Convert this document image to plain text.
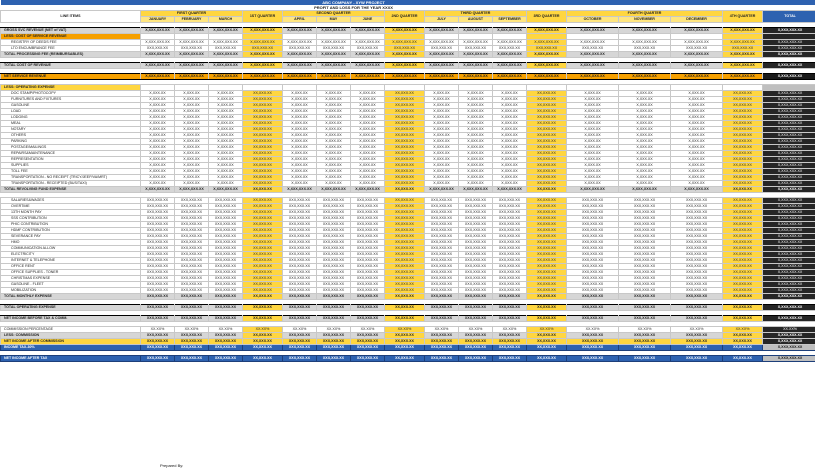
	ABC COMPANY - XYW PROJECT																
	PROFIT AND LOSS FOR THE YEAR XXXX																
LINE ITEMS	FIRST QUARTER			1ST QUARTER	SECOND QUARTER			2ND QUARTER	THIRD QUARTER			3RD QUARTER	FOURTH QUARTER			4TH QUARTER	TOTAL
	JANUARY	FEBRUARY	MARCH		APRIL	MAY	JUNE		JULY	AUGUST	SEPTEMBER		OCTOBER	NOVEMBER	DECEMBER		

GROSS SVC REVENUE (NET of VAT)	X,XXX,XXX.XX	X,XXX,XXX.XX	X,XXX,XXX.XX	X,XXX,XXX.XX	X,XXX,XXX.XX	X,XXX,XXX.XX	X,XXX,XXX.XX	X,XXX,XXX.XX	X,XXX,XXX.XX	X,XXX,XXX.XX	X,XXX,XXX.XX	X,XXX,XXX.XX	X,XXX,XXX.XX	X,XXX,XXX.XX	X,XXX,XXX.XX	X,XXX,XXX.XX	X,XXX,XXX.XX
LESS: COST OF SERVICE REVENUE																	
REGISTRY OF DEEDS FEE	X,XXX,XXX.XX	X,XXX,XXX.XX	X,XXX,XXX.XX	X,XXX,XXX.XX	X,XXX,XXX.XX	X,XXX,XXX.XX	X,XXX,XXX.XX	X,XXX,XXX.XX	X,XXX,XXX.XX	X,XXX,XXX.XX	X,XXX,XXX.XX	X,XXX,XXX.XX	X,XXX,XXX.XX	X,XXX,XXX.XX	X,XXX,XXX.XX	X,XXX,XXX.XX	X,XXX,XXX.XX
LTO ENCUMBRANCE FEE	XXX,XXX.XX	XXX,XXX.XX	XXX,XXX.XX	XXX,XXX.XX	XXX,XXX.XX	XXX,XXX.XX	XXX,XXX.XX	XXX,XXX.XX	XXX,XXX.XX	XXX,XXX.XX	XXX,XXX.XX	XXX,XXX.XX	XXX,XXX.XX	XXX,XXX.XX	XXX,XXX.XX	XXX,XXX.XX	X,XXX,XXX.XX
TOTAL PROCESSING FEE (REIMBURSABLES)	X,XXX,XXX.XX	X,XXX,XXX.XX	X,XXX,XXX.XX	X,XXX,XXX.XX	X,XXX,XXX.XX	X,XXX,XXX.XX	X,XXX,XXX.XX	X,XXX,XXX.XX	X,XXX,XXX.XX	X,XXX,XXX.XX	X,XXX,XXX.XX	X,XXX,XXX.XX	X,XXX,XXX.XX	X,XXX,XXX.XX	X,XXX,XXX.XX	X,XXX,XXX.XX	X,XXX,XXX.XX

TOTAL COST OF REVENUE	X,XXX,XXX.XX	X,XXX,XXX.XX	X,XXX,XXX.XX	X,XXX,XXX.XX	X,XXX,XXX.XX	X,XXX,XXX.XX	X,XXX,XXX.XX	X,XXX,XXX.XX	X,XXX,XXX.XX	X,XXX,XXX.XX	X,XXX,XXX.XX	X,XXX,XXX.XX	X,XXX,XXX.XX	X,XXX,XXX.XX	X,XXX,XXX.XX	X,XXX,XXX.XX	X,XXX,XXX.XX

NET SERVICE REVENUE	X,XXX,XXX.XX	X,XXX,XXX.XX	X,XXX,XXX.XX	X,XXX,XXX.XX	X,XXX,XXX.XX	X,XXX,XXX.XX	X,XXX,XXX.XX	X,XXX,XXX.XX	X,XXX,XXX.XX	X,XXX,XXX.XX	X,XXX,XXX.XX	X,XXX,XXX.XX	X,XXX,XXX.XX	X,XXX,XXX.XX	X,XXX,XXX.XX	X,XXX,XXX.XX	X,XXX,XXX.XX

LESS: OPERATING EXPENSE																	
DOC STAMP/PHOTOCOPY	X,XXX.XX	X,XXX.XX	X,XXX.XX	XX,XXX.XX	X,XXX.XX	X,XXX.XX	X,XXX.XX	XX,XXX.XX	X,XXX.XX	X,XXX.XX	X,XXX.XX	XX,XXX.XX	X,XXX.XX	X,XXX.XX	X,XXX.XX	XX,XXX.XX	X,XXX,XXX.XX
FURNITURES AND FIXTURES	X,XXX.XX	X,XXX.XX	X,XXX.XX	XX,XXX.XX	X,XXX.XX	X,XXX.XX	X,XXX.XX	XX,XXX.XX	X,XXX.XX	X,XXX.XX	X,XXX.XX	XX,XXX.XX	X,XXX.XX	X,XXX.XX	X,XXX.XX	XX,XXX.XX	X,XXX,XXX.XX
GASOLINE	X,XXX.XX	X,XXX.XX	X,XXX.XX	XX,XXX.XX	X,XXX.XX	X,XXX.XX	X,XXX.XX	XX,XXX.XX	X,XXX.XX	X,XXX.XX	X,XXX.XX	XX,XXX.XX	X,XXX.XX	X,XXX.XX	X,XXX.XX	XX,XXX.XX	X,XXX,XXX.XX
LOAD	X,XXX.XX	X,XXX.XX	X,XXX.XX	XX,XXX.XX	X,XXX.XX	X,XXX.XX	X,XXX.XX	XX,XXX.XX	X,XXX.XX	X,XXX.XX	X,XXX.XX	XX,XXX.XX	X,XXX.XX	X,XXX.XX	X,XXX.XX	XX,XXX.XX	X,XXX,XXX.XX
LODGING	X,XXX.XX	X,XXX.XX	X,XXX.XX	XX,XXX.XX	X,XXX.XX	X,XXX.XX	X,XXX.XX	XX,XXX.XX	X,XXX.XX	X,XXX.XX	X,XXX.XX	XX,XXX.XX	X,XXX.XX	X,XXX.XX	X,XXX.XX	XX,XXX.XX	X,XXX,XXX.XX
MEAL	X,XXX.XX	X,XXX.XX	X,XXX.XX	XX,XXX.XX	X,XXX.XX	X,XXX.XX	X,XXX.XX	XX,XXX.XX	X,XXX.XX	X,XXX.XX	X,XXX.XX	XX,XXX.XX	X,XXX.XX	X,XXX.XX	X,XXX.XX	XX,XXX.XX	X,XXX,XXX.XX
NOTARY	X,XXX.XX	X,XXX.XX	X,XXX.XX	XX,XXX.XX	X,XXX.XX	X,XXX.XX	X,XXX.XX	XX,XXX.XX	X,XXX.XX	X,XXX.XX	X,XXX.XX	XX,XXX.XX	X,XXX.XX	X,XXX.XX	X,XXX.XX	XX,XXX.XX	X,XXX,XXX.XX
OTHERS	X,XXX.XX	X,XXX.XX	X,XXX.XX	XX,XXX.XX	X,XXX.XX	X,XXX.XX	X,XXX.XX	XX,XXX.XX	X,XXX.XX	X,XXX.XX	X,XXX.XX	XX,XXX.XX	X,XXX.XX	X,XXX.XX	X,XXX.XX	XX,XXX.XX	X,XXX,XXX.XX
PARKING	X,XXX.XX	X,XXX.XX	X,XXX.XX	XX,XXX.XX	X,XXX.XX	X,XXX.XX	X,XXX.XX	XX,XXX.XX	X,XXX.XX	X,XXX.XX	X,XXX.XX	XX,XXX.XX	X,XXX.XX	X,XXX.XX	X,XXX.XX	XX,XXX.XX	X,XXX,XXX.XX
POSTAGE/MAILINGS	X,XXX.XX	X,XXX.XX	X,XXX.XX	XX,XXX.XX	X,XXX.XX	X,XXX.XX	X,XXX.XX	XX,XXX.XX	X,XXX.XX	X,XXX.XX	X,XXX.XX	XX,XXX.XX	X,XXX.XX	X,XXX.XX	X,XXX.XX	XX,XXX.XX	X,XXX,XXX.XX
REPAIRS&MAINTENANCE	X,XXX.XX	X,XXX.XX	X,XXX.XX	XX,XXX.XX	X,XXX.XX	X,XXX.XX	X,XXX.XX	XX,XXX.XX	X,XXX.XX	X,XXX.XX	X,XXX.XX	XX,XXX.XX	X,XXX.XX	X,XXX.XX	X,XXX.XX	XX,XXX.XX	X,XXX,XXX.XX
REPRESENTATION	X,XXX.XX	X,XXX.XX	X,XXX.XX	XX,XXX.XX	X,XXX.XX	X,XXX.XX	X,XXX.XX	XX,XXX.XX	X,XXX.XX	X,XXX.XX	X,XXX.XX	XX,XXX.XX	X,XXX.XX	X,XXX.XX	X,XXX.XX	XX,XXX.XX	X,XXX,XXX.XX
SUPPLIES	X,XXX.XX	X,XXX.XX	X,XXX.XX	XX,XXX.XX	X,XXX.XX	X,XXX.XX	X,XXX.XX	XX,XXX.XX	X,XXX.XX	X,XXX.XX	X,XXX.XX	XX,XXX.XX	X,XXX.XX	X,XXX.XX	X,XXX.XX	XX,XXX.XX	X,XXX,XXX.XX
TOLL FEE	X,XXX.XX	X,XXX.XX	X,XXX.XX	XX,XXX.XX	X,XXX.XX	X,XXX.XX	X,XXX.XX	XX,XXX.XX	X,XXX.XX	X,XXX.XX	X,XXX.XX	XX,XXX.XX	X,XXX.XX	X,XXX.XX	X,XXX.XX	XX,XXX.XX	X,XXX,XXX.XX
TRANSPORTATION - NO RECEIPT (TRICY/JEEP/VA/MRT)	X,XXX.XX	X,XXX.XX	X,XXX.XX	XX,XXX.XX	X,XXX.XX	X,XXX.XX	X,XXX.XX	XX,XXX.XX	X,XXX.XX	X,XXX.XX	X,XXX.XX	XX,XXX.XX	X,XXX.XX	X,XXX.XX	X,XXX.XX	XX,XXX.XX	X,XXX,XXX.XX
TRANSPORTATION - RECEIPTED (BUS/TAXI)	X,XXX.XX	X,XXX.XX	X,XXX.XX	XX,XXX.XX	X,XXX.XX	X,XXX.XX	X,XXX.XX	XX,XXX.XX	X,XXX.XX	X,XXX.XX	X,XXX.XX	XX,XXX.XX	X,XXX.XX	X,XXX.XX	X,XXX.XX	XX,XXX.XX	X,XXX,XXX.XX
TOTAL REVOLVING FUND EXPENSE	X,XXX,XXX.XX	X,XXX,XXX.XX	X,XXX,XXX.XX	XX,XXX.XX	X,XXX,XXX.XX	X,XXX,XXX.XX	X,XXX,XXX.XX	XX,XXX.XX	X,XXX,XXX.XX	X,XXX,XXX.XX	X,XXX,XXX.XX	XX,XXX.XX	X,XXX,XXX.XX	X,XXX,XXX.XX	X,XXX,XXX.XX	XX,XXX.XX	X,XXX,XXX.XX

SALARIES&WAGES	XXX,XXX.XX	XXX,XXX.XX	XXX,XXX.XX	XX,XXX.XX	XXX,XXX.XX	XXX,XXX.XX	XXX,XXX.XX	XX,XXX.XX	XXX,XXX.XX	XXX,XXX.XX	XXX,XXX.XX	XX,XXX.XX	XXX,XXX.XX	XXX,XXX.XX	XXX,XXX.XX	XX,XXX.XX	X,XXX,XXX.XX
OVERTIME	XXX,XXX.XX	XXX,XXX.XX	XXX,XXX.XX	XX,XXX.XX	XXX,XXX.XX	XXX,XXX.XX	XXX,XXX.XX	XX,XXX.XX	XXX,XXX.XX	XXX,XXX.XX	XXX,XXX.XX	XX,XXX.XX	XXX,XXX.XX	XXX,XXX.XX	XXX,XXX.XX	XX,XXX.XX	X,XXX,XXX.XX
13TH MONTH PAY	XXX,XXX.XX	XXX,XXX.XX	XXX,XXX.XX	XX,XXX.XX	XXX,XXX.XX	XXX,XXX.XX	XXX,XXX.XX	XX,XXX.XX	XXX,XXX.XX	XXX,XXX.XX	XXX,XXX.XX	XX,XXX.XX	XXX,XXX.XX	XXX,XXX.XX	XXX,XXX.XX	XX,XXX.XX	X,XXX,XXX.XX
SSS CONTRIBUTION	XXX,XXX.XX	XXX,XXX.XX	XXX,XXX.XX	XX,XXX.XX	XXX,XXX.XX	XXX,XXX.XX	XXX,XXX.XX	XX,XXX.XX	XXX,XXX.XX	XXX,XXX.XX	XXX,XXX.XX	XX,XXX.XX	XXX,XXX.XX	XXX,XXX.XX	XXX,XXX.XX	XX,XXX.XX	X,XXX,XXX.XX
PHIC CONTRIBUTION	XXX,XXX.XX	XXX,XXX.XX	XXX,XXX.XX	XX,XXX.XX	XXX,XXX.XX	XXX,XXX.XX	XXX,XXX.XX	XX,XXX.XX	XXX,XXX.XX	XXX,XXX.XX	XXX,XXX.XX	XX,XXX.XX	XXX,XXX.XX	XXX,XXX.XX	XXX,XXX.XX	XX,XXX.XX	X,XXX,XXX.XX
HDMF CONTRIBUTION	XXX,XXX.XX	XXX,XXX.XX	XXX,XXX.XX	XX,XXX.XX	XXX,XXX.XX	XXX,XXX.XX	XXX,XXX.XX	XX,XXX.XX	XXX,XXX.XX	XXX,XXX.XX	XXX,XXX.XX	XX,XXX.XX	XXX,XXX.XX	XXX,XXX.XX	XXX,XXX.XX	XX,XXX.XX	X,XXX,XXX.XX
SEVERANCE PAY	XXX,XXX.XX	XXX,XXX.XX	XXX,XXX.XX	XX,XXX.XX	XXX,XXX.XX	XXX,XXX.XX	XXX,XXX.XX	XX,XXX.XX	XXX,XXX.XX	XXX,XXX.XX	XXX,XXX.XX	XX,XXX.XX	XXX,XXX.XX	XXX,XXX.XX	XXX,XXX.XX	XX,XXX.XX	X,XXX,XXX.XX
HMO	XXX,XXX.XX	XXX,XXX.XX	XXX,XXX.XX	XX,XXX.XX	XXX,XXX.XX	XXX,XXX.XX	XXX,XXX.XX	XX,XXX.XX	XXX,XXX.XX	XXX,XXX.XX	XXX,XXX.XX	XX,XXX.XX	XXX,XXX.XX	XXX,XXX.XX	XXX,XXX.XX	XX,XXX.XX	X,XXX,XXX.XX
COMMUNICATION ALLOW	XXX,XXX.XX	XXX,XXX.XX	XXX,XXX.XX	XX,XXX.XX	XXX,XXX.XX	XXX,XXX.XX	XXX,XXX.XX	XX,XXX.XX	XXX,XXX.XX	XXX,XXX.XX	XXX,XXX.XX	XX,XXX.XX	XXX,XXX.XX	XXX,XXX.XX	XXX,XXX.XX	XX,XXX.XX	X,XXX,XXX.XX
ELECTRICITY	XXX,XXX.XX	XXX,XXX.XX	XXX,XXX.XX	XX,XXX.XX	XXX,XXX.XX	XXX,XXX.XX	XXX,XXX.XX	XX,XXX.XX	XXX,XXX.XX	XXX,XXX.XX	XXX,XXX.XX	XX,XXX.XX	XXX,XXX.XX	XXX,XXX.XX	XXX,XXX.XX	XX,XXX.XX	X,XXX,XXX.XX
INTERNET & TELEPHONE	XXX,XXX.XX	XXX,XXX.XX	XXX,XXX.XX	XX,XXX.XX	XXX,XXX.XX	XXX,XXX.XX	XXX,XXX.XX	XX,XXX.XX	XXX,XXX.XX	XXX,XXX.XX	XXX,XXX.XX	XX,XXX.XX	XXX,XXX.XX	XXX,XXX.XX	XXX,XXX.XX	XX,XXX.XX	X,XXX,XXX.XX
OFFICE RENT	XXX,XXX.XX	XXX,XXX.XX	XXX,XXX.XX	XX,XXX.XX	XXX,XXX.XX	XXX,XXX.XX	XXX,XXX.XX	XX,XXX.XX	XXX,XXX.XX	XXX,XXX.XX	XXX,XXX.XX	XX,XXX.XX	XXX,XXX.XX	XXX,XXX.XX	XXX,XXX.XX	XX,XXX.XX	X,XXX,XXX.XX
OFFICE SUPPLIES - TONER	XXX,XXX.XX	XXX,XXX.XX	XXX,XXX.XX	XX,XXX.XX	XXX,XXX.XX	XXX,XXX.XX	XXX,XXX.XX	XX,XXX.XX	XXX,XXX.XX	XXX,XXX.XX	XXX,XXX.XX	XX,XXX.XX	XXX,XXX.XX	XXX,XXX.XX	XXX,XXX.XX	XX,XXX.XX	X,XXX,XXX.XX
CHRISTMAS EXPENSE	XXX,XXX.XX	XXX,XXX.XX	XXX,XXX.XX	XX,XXX.XX	XXX,XXX.XX	XXX,XXX.XX	XXX,XXX.XX	XX,XXX.XX	XXX,XXX.XX	XXX,XXX.XX	XXX,XXX.XX	XX,XXX.XX	XXX,XXX.XX	XXX,XXX.XX	XXX,XXX.XX	XX,XXX.XX	X,XXX,XXX.XX
GASOLINE - FLEET	XXX,XXX.XX	XXX,XXX.XX	XXX,XXX.XX	XX,XXX.XX	XXX,XXX.XX	XXX,XXX.XX	XXX,XXX.XX	XX,XXX.XX	XXX,XXX.XX	XXX,XXX.XX	XXX,XXX.XX	XX,XXX.XX	XXX,XXX.XX	XXX,XXX.XX	XXX,XXX.XX	XX,XXX.XX	X,XXX,XXX.XX
MOBILIZATION	XXX,XXX.XX	XXX,XXX.XX	XXX,XXX.XX	XX,XXX.XX	XXX,XXX.XX	XXX,XXX.XX	XXX,XXX.XX	XX,XXX.XX	XXX,XXX.XX	XXX,XXX.XX	XXX,XXX.XX	XX,XXX.XX	XXX,XXX.XX	XXX,XXX.XX	XXX,XXX.XX	XX,XXX.XX	X,XXX,XXX.XX
TOTAL MONTHLY EXPENSE	XXX,XXX.XX	XXX,XXX.XX	XXX,XXX.XX	XX,XXX.XX	XXX,XXX.XX	XXX,XXX.XX	XXX,XXX.XX	XX,XXX.XX	XXX,XXX.XX	XXX,XXX.XX	XXX,XXX.XX	XX,XXX.XX	XXX,XXX.XX	XXX,XXX.XX	XXX,XXX.XX	XX,XXX.XX	X,XXX,XXX.XX

TOTAL OPERATING EXPENSE	XXX,XXX.XX	XXX,XXX.XX	XXX,XXX.XX	XX,XXX.XX	XXX,XXX.XX	XXX,XXX.XX	XXX,XXX.XX	XX,XXX.XX	XXX,XXX.XX	XXX,XXX.XX	XXX,XXX.XX	XX,XXX.XX	XXX,XXX.XX	XXX,XXX.XX	XXX,XXX.XX	XX,XXX.XX	X,XXX,XXX.XX

NET INCOME BEFORE TAX & COMM.	XXX,XXX.XX	XXX,XXX.XX	XXX,XXX.XX	XX,XXX.XX	XXX,XXX.XX	XXX,XXX.XX	XXX,XXX.XX	XX,XXX.XX	XXX,XXX.XX	XXX,XXX.XX	XXX,XXX.XX	XX,XXX.XX	XXX,XXX.XX	XXX,XXX.XX	XXX,XXX.XX	XX,XXX.XX	X,XXX,XXX.XX

COMMISSION PERCENTAGE	XX.XX%	XX.XX%	XX.XX%	XX.XX%	XX.XX%	XX.XX%	XX.XX%	XX.XX%	XX.XX%	XX.XX%	XX.XX%	XX.XX%	XX.XX%	XX.XX%	XX.XX%	XX.XX%	XX.XX%
LESS: COMMISSION	XXX,XXX.XX	XXX,XXX.XX	XXX,XXX.XX	XX,XXX.XX	XXX,XXX.XX	XXX,XXX.XX	XXX,XXX.XX	XX,XXX.XX	XXX,XXX.XX	XXX,XXX.XX	XXX,XXX.XX	XX,XXX.XX	XXX,XXX.XX	XXX,XXX.XX	XXX,XXX.XX	XX,XXX.XX	X,XXX,XXX.XX
NET INCOME AFTER COMMISSION	XXX,XXX.XX	XXX,XXX.XX	XXX,XXX.XX	XX,XXX.XX	XXX,XXX.XX	XXX,XXX.XX	XXX,XXX.XX	XX,XXX.XX	XXX,XXX.XX	XXX,XXX.XX	XXX,XXX.XX	XX,XXX.XX	XXX,XXX.XX	XXX,XXX.XX	XXX,XXX.XX	XX,XXX.XX	X,XXX,XXX.XX
INCOME TAX-30%	XXX,XXX.XX	XXX,XXX.XX	XXX,XXX.XX	XX,XXX.XX	XXX,XXX.XX	XXX,XXX.XX	XXX,XXX.XX	XX,XXX.XX	XXX,XXX.XX	XXX,XXX.XX	XXX,XXX.XX	XX,XXX.XX	XXX,XXX.XX	XXX,XXX.XX	XXX,XXX.XX	XX,XXX.XX	X,XXX,XXX.XX

NET INCOME AFTER TAX	XXX,XXX.XX	XXX,XXX.XX	XXX,XXX.XX	XX,XXX.XX	XXX,XXX.XX	XXX,XXX.XX	XXX,XXX.XX	XX,XXX.XX	XXX,XXX.XX	XXX,XXX.XX	XXX,XXX.XX	XX,XXX.XX	XXX,XXX.XX	XXX,XXX.XX	XXX,XXX.XX	XX,XXX.XX	X,XXX,XXX.XX
Prepared By:
